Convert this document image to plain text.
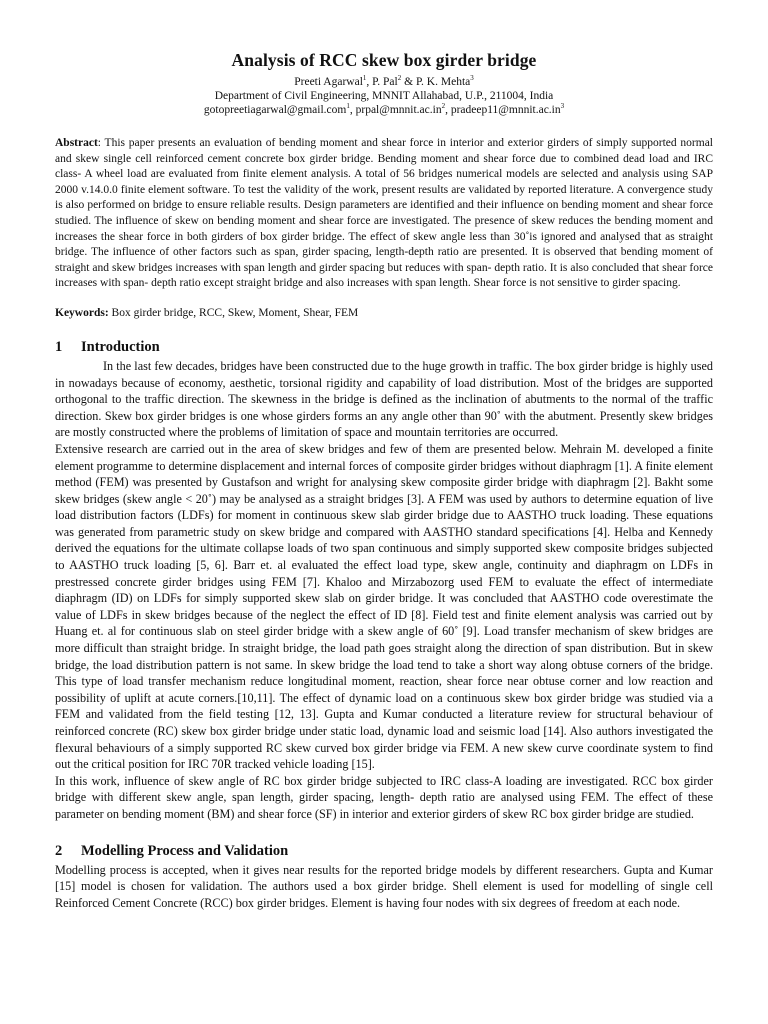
Analysis of RCC skew box girder bridge
Preeti Agarwal$^1$, P. Pal$^2$ & P. K. Mehta$^3$
Department of Civil Engineering, MNNIT Allahabad, U.P., 211004, India
gotopreetiagarwal@gmail.com$^1$, $prpal@mnnit.ac.in^2$, $pradeep11@mnnit.ac.in^3$
Abstract: This paper presents an evaluation of bending moment and shear force in interior and exterior girders of simply supported normal and skew single cell reinforced cement concrete box girder bridge. Bending moment and shear force due to combined dead load and IRC class- A wheel load are evaluated from finite element analysis. A total of 56 bridges numerical models are selected and analysis using SAP 2000 v.14.0.0 finite element software. To test the validity of the work, present results are validated by reported literature. A convergence study is also performed on bridge to ensure reliable results. Design parameters are identified and their influence on bending moment and shear force studied. The influence of skew on bending moment and shear force are investigated. The presence of skew reduces the bending moment and increases the shear force in both girders of box girder bridge. The effect of skew angle less than 30˚is ignored and analysed that as straight bridge. The influence of other factors such as span, girder spacing, length-depth ratio are presented. It is observed that bending moment of straight and skew bridges increases with span length and girder spacing but reduces with span- depth ratio. It is also concluded that shear force increases with span- depth ratio except straight bridge and also increases with span length. Shear force is not sensitive to girder spacing.
Keywords: Box girder bridge, RCC, Skew, Moment, Shear, FEM
1	Introduction

In the last few decades, bridges have been constructed due to the huge growth in traffic. The box girder bridge is highly used in nowadays because of economy, aesthetic, torsional rigidity and capability of load distribution. Most of the bridges are supported orthogonal to the traffic direction. The skewness in the bridge is defined as the inclination of abutments to the normal of the traffic direction. Skew box girder bridges is one whose girders forms an any angle other than 90˚ with the abutment. Presently skew bridges are mostly constructed where the problems of limitation of space and mountain territories are occurred.

Extensive research are carried out in the area of skew bridges and few of them are presented below. Mehrain M. developed a finite element programme to determine displacement and internal forces of composite girder bridges without diaphragm [1]. A finite element method (FEM) was presented by Gustafson and wright for analysing skew composite girder bridge with diaphragm [2]. Bakht some skew bridges (skew angle < 20˚) may be analysed as a straight bridges [3]. A FEM was used by authors to determine equation of live load distribution factors (LDFs) for moment in continuous skew slab girder bridge due to AASTHO truck loading. These equations was generated from parametric study on skew bridge and compared with AASTHO standard specifications [4]. Helba and Kennedy derived the equations for the ultimate collapse loads of two span continuous and simply supported skew composite bridges subjected to AASTHO truck loading [5, 6]. Barr et. al evaluated the effect load type, skew angle, continuity and diaphragm on LDFs in prestressed concrete girder bridges using FEM [7]. Khaloo and Mirzabozorg used FEM to evaluate the effect of intermediate diaphragm (ID) on LDFs for simply supported skew slab on girder bridge. It was concluded that AASTHO code overestimate the value of LDFs in skew bridges because of the neglect the effect of ID [8]. Field test and finite element analysis was carried out by Huang et. al for continuous slab on steel girder bridge with a skew angle of 60˚ [9]. Load transfer mechanism of skew bridges are more difficult than straight bridge. In straight bridge, the load path goes straight along the direction of span distribution. But in skew bridge, the load distribution pattern is not same. In skew bridge the load tend to take a short way along obtuse corners of the bridge. This type of load transfer mechanism reduce longitudinal moment, reaction, shear force near obtuse corner and low reaction and possibility of uplift at acute corners.[10,11]. The effect of dynamic load on a continuous skew box girder bridge was studied via a FEM and validated from the field testing [12, 13]. Gupta and Kumar conducted a literature review for structural behaviour of reinforced concrete (RC) skew box girder bridge under static load, dynamic load and seismic load [14]. Also authors investigated the flexural behaviours of a simply supported RC skew curved box girder bridge via FEM. A new skew curve coordinate system to find out the critical position for IRC 70R tracked vehicle loading [15].

In this work, influence of skew angle of RC box girder bridge subjected to IRC class-A loading are investigated. RCC box girder bridge with different skew angle, span length, girder spacing, length- depth ratio are analysed using FEM. The effect of these parameter on bending moment (BM) and shear force (SF) in interior and exterior girders of skew RC box girder bridge are studied.

2	Modelling Process and Validation

Modelling process is accepted, when it gives near results for the reported bridge models by different researchers. Gupta and Kumar [15] model is chosen for validation. The authors used a box girder bridge. Shell element is used for modelling of single cell Reinforced Cement Concrete (RCC) box girder bridges. Element is having four nodes with six degrees of freedom at each node.
